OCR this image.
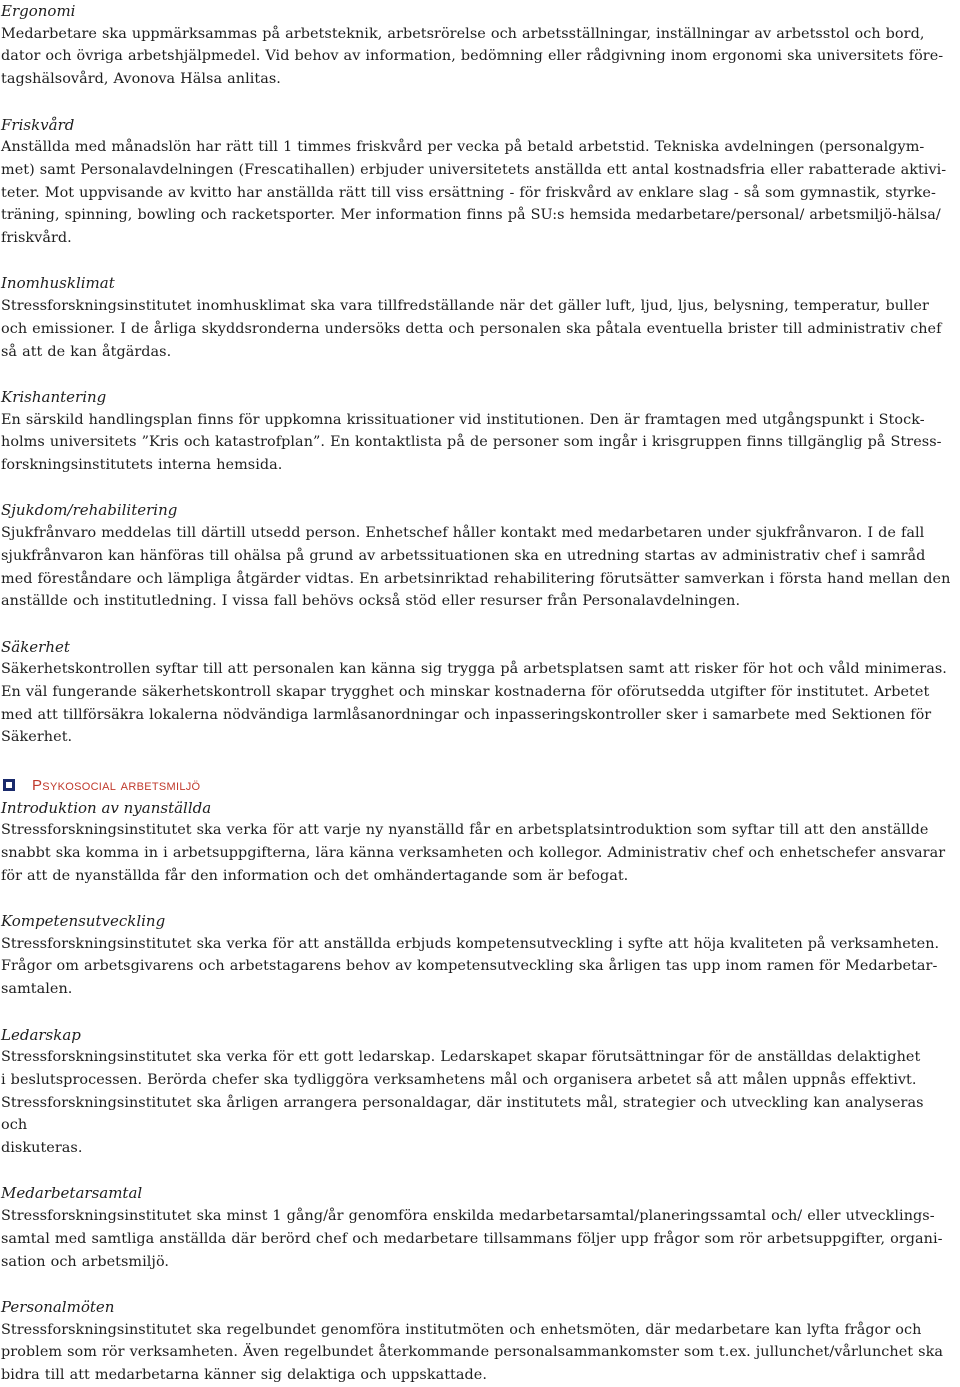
Ergonomi

Medarbetare ska uppmärksammas på arbetsteknik, arbetsrörelse och arbetsställningar, inställningar av arbetsstol och bord,
dator och övriga arbetshjälpmedel. Vid behov av information, bedömning eller rådgivning inom ergonomi ska universitets före-
tagshälsovård, Avonova Hälsa anlitas.

Friskvård

Anställda med månadslön har rätt till 1 timmes friskvård per vecka på betald arbetstid. Tekniska avdelningen (personalgym-
met) samt Personalavdelningen (Frescatihallen) erbjuder universitetets anställda ett antal kostnadsfria eller rabatterade aktivi-
teter. Mot uppvisande av kvitto har anställda rätt till viss ersättning - för friskvård av enklare slag - så som gymnastik, styrke-
träning, spinning, bowling och racketsporter. Mer information finns på SU:s hemsida medarbetare/personal/ arbetsmiljö-hälsa/
friskvård.

Inomhusklimat

Stressforskningsinstitutet inomhusklimat ska vara tillfredställande när det gäller luft, ljud, ljus, belysning, temperatur, buller
och emissioner. I de årliga skyddsronderna undersöks detta och personalen ska påtala eventuella brister till administrativ chef
så att de kan åtgärdas.

Krishantering

En särskild handlingsplan finns för uppkomna krissituationer vid institutionen. Den är framtagen med utgångspunkt i Stock-
holms universitets ”Kris och katastrofplan”. En kontaktlista på de personer som ingår i krisgruppen finns tillgänglig på Stress-
forskningsinstitutets interna hemsida.

Sjukdom/rehabilitering

Sjukfrånvaro meddelas till därtill utsedd person. Enhetschef håller kontakt med medarbetaren under sjukfrånvaron. I de fall
sjukfrånvaron kan hänföras till ohälsa på grund av arbetssituationen ska en utredning startas av administrativ chef i samråd
med föreståndare och lämpliga åtgärder vidtas. En arbetsinriktad rehabilitering förutsätter samverkan i första hand mellan den
anställde och institutledning. I vissa fall behövs också stöd eller resurser från Personalavdelningen.

Säkerhet

Säkerhetskontrollen syftar till att personalen kan känna sig trygga på arbetsplatsen samt att risker för hot och våld minimeras.
En väl fungerande säkerhetskontroll skapar trygghet och minskar kostnaderna för oförutsedda utgifter för institutet. Arbetet
med att tillförsäkra lokalerna nödvändiga larmlåsanordningar och inpasseringskontroller sker i samarbete med Sektionen för
Säkerhet.

Psykosocial arbetsmiljö

Introduktion av nyanställda

Stressforskningsinstitutet ska verka för att varje ny nyanställd får en arbetsplatsintroduktion som syftar till att den anställde
snabbt ska komma in i arbetsuppgifterna, lära känna verksamheten och kollegor. Administrativ chef och enhetschefer ansvarar
för att de nyanställda får den information och det omhändertagande som är befogat.

Kompetensutveckling

Stressforskningsinstitutet ska verka för att anställda erbjuds kompetensutveckling i syfte att höja kvaliteten på verksamheten.
Frågor om arbetsgivarens och arbetstagarens behov av kompetensutveckling ska årligen tas upp inom ramen för Medarbetar-
samtalen.

Ledarskap

Stressforskningsinstitutet ska verka för ett gott ledarskap. Ledarskapet skapar förutsättningar för de anställdas delaktighet
i beslutsprocessen. Berörda chefer ska tydliggöra verksamhetens mål och organisera arbetet så att målen uppnås effektivt.
Stressforskningsinstitutet ska årligen arrangera personaldagar, där institutets mål, strategier och utveckling kan analyseras och
diskuteras.

Medarbetarsamtal

Stressforskningsinstitutet ska minst 1 gång/år genomföra enskilda medarbetarsamtal/planeringssamtal och/ eller utvecklings-
samtal med samtliga anställda där berörd chef och medarbetare tillsammans följer upp frågor som rör arbetsuppgifter, organi-
sation och arbetsmiljö.

Personalmöten

Stressforskningsinstitutet ska regelbundet genomföra institutmöten och enhetsmöten, där medarbetare kan lyfta frågor och
problem som rör verksamheten. Även regelbundet återkommande personalsammankomster som t.ex. jullunchet/vårlunchet ska
bidra till att medarbetarna känner sig delaktiga och uppskattade.
